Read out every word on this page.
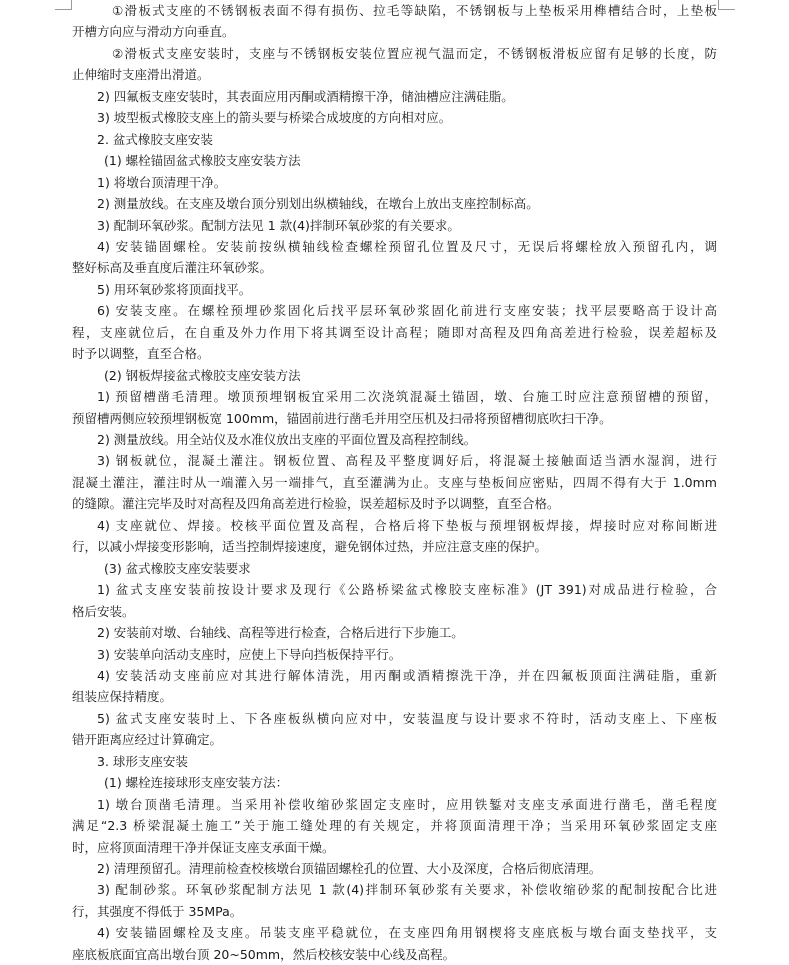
①滑板式支座的不锈钢板表面不得有损伤、拉毛等缺陷，不锈钢板与上垫板采用榫槽结合时，上垫板
开槽方向应与滑动方向垂直。
②滑板式支座安装时，支座与不锈钢板安装位置应视气温而定，不锈钢板滑板应留有足够的长度，防
止伸缩时支座滑出滑道。
2) 四氟板支座安装时，其表面应用丙酮或酒精擦干净，储油槽应注满硅脂。
3) 坡型板式橡胶支座上的箭头要与桥梁合成坡度的方向相对应。
2. 盆式橡胶支座安装
(1) 螺栓锚固盆式橡胶支座安装方法
1) 将墩台顶清理干净。
2) 测量放线。在支座及墩台顶分别划出纵横轴线，在墩台上放出支座控制标高。
3) 配制环氧砂浆。配制方法见 1 款(4)拌制环氧砂浆的有关要求。
4) 安装锚固螺栓。安装前按纵横轴线检查螺栓预留孔位置及尺寸，无误后将螺栓放入预留孔内，调
整好标高及垂直度后灌注环氧砂浆。
5) 用环氧砂浆将顶面找平。
6) 安装支座。在螺栓预埋砂浆固化后找平层环氧砂浆固化前进行支座安装；找平层要略高于设计高
程，支座就位后，在自重及外力作用下将其调至设计高程；随即对高程及四角高差进行检验，误差超标及
时予以调整，直至合格。
(2) 钢板焊接盆式橡胶支座安装方法
1) 预留槽凿毛清理。墩顶预埋钢板宜采用二次浇筑混凝土锚固，墩、台施工时应注意预留槽的预留，
预留槽两侧应较预埋钢板宽 100mm，锚固前进行凿毛并用空压机及扫帚将预留槽彻底吹扫干净。
2) 测量放线。用全站仪及水准仪放出支座的平面位置及高程控制线。
3) 钢板就位，混凝土灌注。钢板位置、高程及平整度调好后，将混凝土接触面适当洒水湿润，进行
混凝土灌注，灌注时从一端灌入另一端排气，直至灌满为止。支座与垫板间应密贴，四周不得有大于 1.0mm
的缝隙。灌注完毕及时对高程及四角高差进行检验，误差超标及时予以调整，直至合格。
4) 支座就位、焊接。校核平面位置及高程，合格后将下垫板与预埋钢板焊接，焊接时应对称间断进
行，以减小焊接变形影响，适当控制焊接速度，避免钢体过热，并应注意支座的保护。
(3) 盆式橡胶支座安装要求
1) 盆式支座安装前按设计要求及现行《公路桥梁盆式橡胶支座标准》(JT 391)对成品进行检验，合
格后安装。
2) 安装前对墩、台轴线、高程等进行检查，合格后进行下步施工。
3) 安装单向活动支座时，应使上下导向挡板保持平行。
4) 安装活动支座前应对其进行解体清洗，用丙酮或酒精擦洗干净，并在四氟板顶面注满硅脂，重新
组装应保持精度。
5) 盆式支座安装时上、下各座板纵横向应对中，安装温度与设计要求不符时，活动支座上、下座板
错开距离应经过计算确定。
3. 球形支座安装
(1) 螺栓连接球形支座安装方法：
1) 墩台顶凿毛清理。当采用补偿收缩砂浆固定支座时，应用铁錾对支座支承面进行凿毛，凿毛程度
满足“2.3 桥梁混凝土施工”关于施工缝处理的有关规定，并将顶面清理干净；当采用环氧砂浆固定支座
时，应将顶面清理干净并保证支座支承面干燥。
2) 清理预留孔。清理前检查校核墩台顶锚固螺栓孔的位置、大小及深度，合格后彻底清理。
3) 配制砂浆。环氧砂浆配制方法见 1 款(4)拌制环氧砂浆有关要求，补偿收缩砂浆的配制按配合比进
行，其强度不得低于 35MPa。
4) 安装锚固螺栓及支座。吊装支座平稳就位，在支座四角用钢楔将支座底板与墩台面支垫找平，支
座底板底面宜高出墩台顶 20~50mm，然后校核安装中心线及高程。
